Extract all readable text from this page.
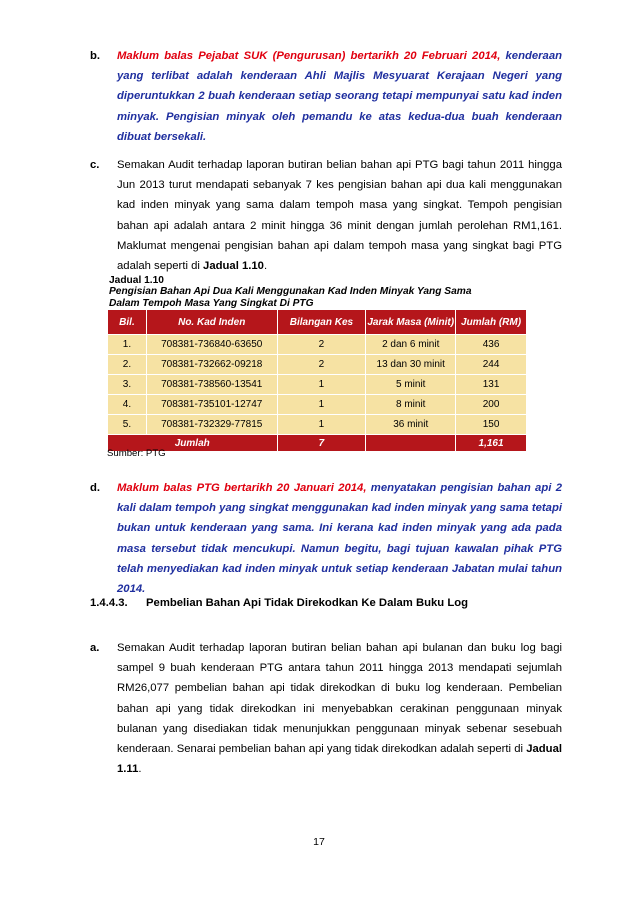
b. Maklum balas Pejabat SUK (Pengurusan) bertarikh 20 Februari 2014, kenderaan yang terlibat adalah kenderaan Ahli Majlis Mesyuarat Kerajaan Negeri yang diperuntukkan 2 buah kenderaan setiap seorang tetapi mempunyai satu kad inden minyak. Pengisian minyak oleh pemandu ke atas kedua-dua buah kenderaan dibuat bersekali.
c. Semakan Audit terhadap laporan butiran belian bahan api PTG bagi tahun 2011 hingga Jun 2013 turut mendapati sebanyak 7 kes pengisian bahan api dua kali menggunakan kad inden minyak yang sama dalam tempoh masa yang singkat. Tempoh pengisian bahan api adalah antara 2 minit hingga 36 minit dengan jumlah perolehan RM1,161. Maklumat mengenai pengisian bahan api dalam tempoh masa yang singkat bagi PTG adalah seperti di Jadual 1.10.
Jadual 1.10
Pengisian Bahan Api Dua Kali Menggunakan Kad Inden Minyak Yang Sama
Dalam Tempoh Masa Yang Singkat Di PTG
Bil.	No. Kad Inden	Bilangan Kes	Jarak Masa (Minit)	Jumlah (RM)
1.	708381-736840-63650	2	2 dan 6 minit	436
2.	708381-732662-09218	2	13 dan 30 minit	244
3.	708381-738560-13541	1	5 minit	131
4.	708381-735101-12747	1	8 minit	200
5.	708381-732329-77815	1	36 minit	150
Jumlah		7		1,161
Sumber: PTG
d. Maklum balas PTG bertarikh 20 Januari 2014, menyatakan pengisian bahan api 2 kali dalam tempoh yang singkat menggunakan kad inden minyak yang sama tetapi bukan untuk kenderaan yang sama. Ini kerana kad inden minyak yang ada pada masa tersebut tidak mencukupi. Namun begitu, bagi tujuan kawalan pihak PTG telah menyediakan kad inden minyak untuk setiap kenderaan Jabatan mulai tahun 2014.
1.4.4.3. Pembelian Bahan Api Tidak Direkodkan Ke Dalam Buku Log
a. Semakan Audit terhadap laporan butiran belian bahan api bulanan dan buku log bagi sampel 9 buah kenderaan PTG antara tahun 2011 hingga 2013 mendapati sejumlah RM26,077 pembelian bahan api tidak direkodkan di buku log kenderaan. Pembelian bahan api yang tidak direkodkan ini menyebabkan cerakinan penggunaan minyak bulanan yang disediakan tidak menunjukkan penggunaan minyak sebenar sesebuah kenderaan. Senarai pembelian bahan api yang tidak direkodkan adalah seperti di Jadual 1.11.
17
